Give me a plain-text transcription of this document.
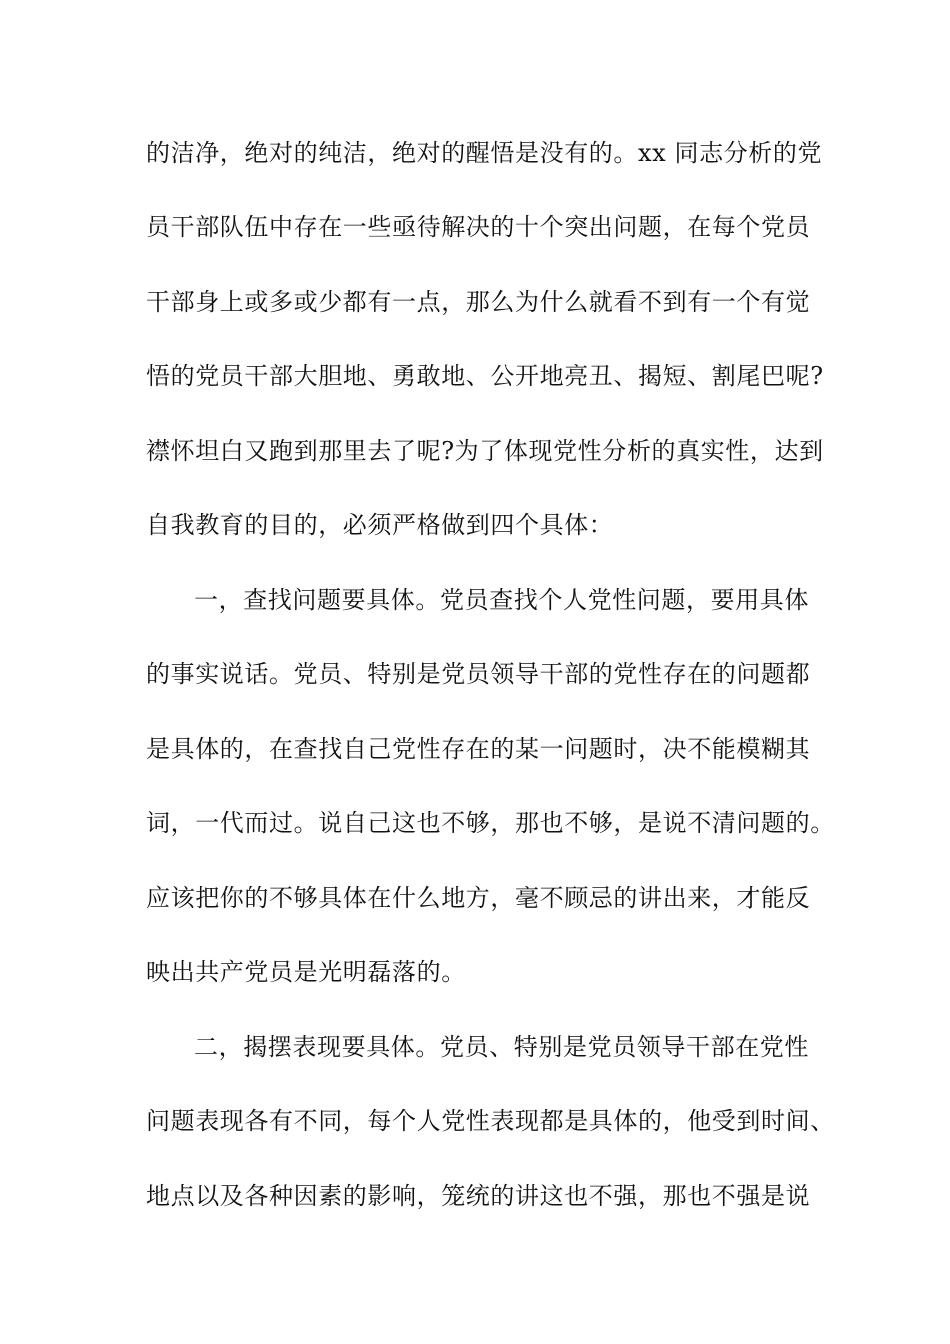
的洁净，绝对的纯洁，绝对的醒悟是没有的。xx 同志分析的党
员干部队伍中存在一些亟待解决的十个突出问题，在每个党员
干部身上或多或少都有一点，那么为什么就看不到有一个有觉
悟的党员干部大胆地、勇敢地、公开地亮丑、揭短、割尾巴呢?
襟怀坦白又跑到那里去了呢?为了体现党性分析的真实性，达到
自我教育的目的，必须严格做到四个具体：
一，查找问题要具体。党员查找个人党性问题，要用具体
的事实说话。党员、特别是党员领导干部的党性存在的问题都
是具体的，在查找自己党性存在的某一问题时，决不能模糊其
词，一代而过。说自己这也不够，那也不够，是说不清问题的。
应该把你的不够具体在什么地方，毫不顾忌的讲出来，才能反
映出共产党员是光明磊落的。
二，揭摆表现要具体。党员、特别是党员领导干部在党性
问题表现各有不同，每个人党性表现都是具体的，他受到时间、
地点以及各种因素的影响，笼统的讲这也不强，那也不强是说
